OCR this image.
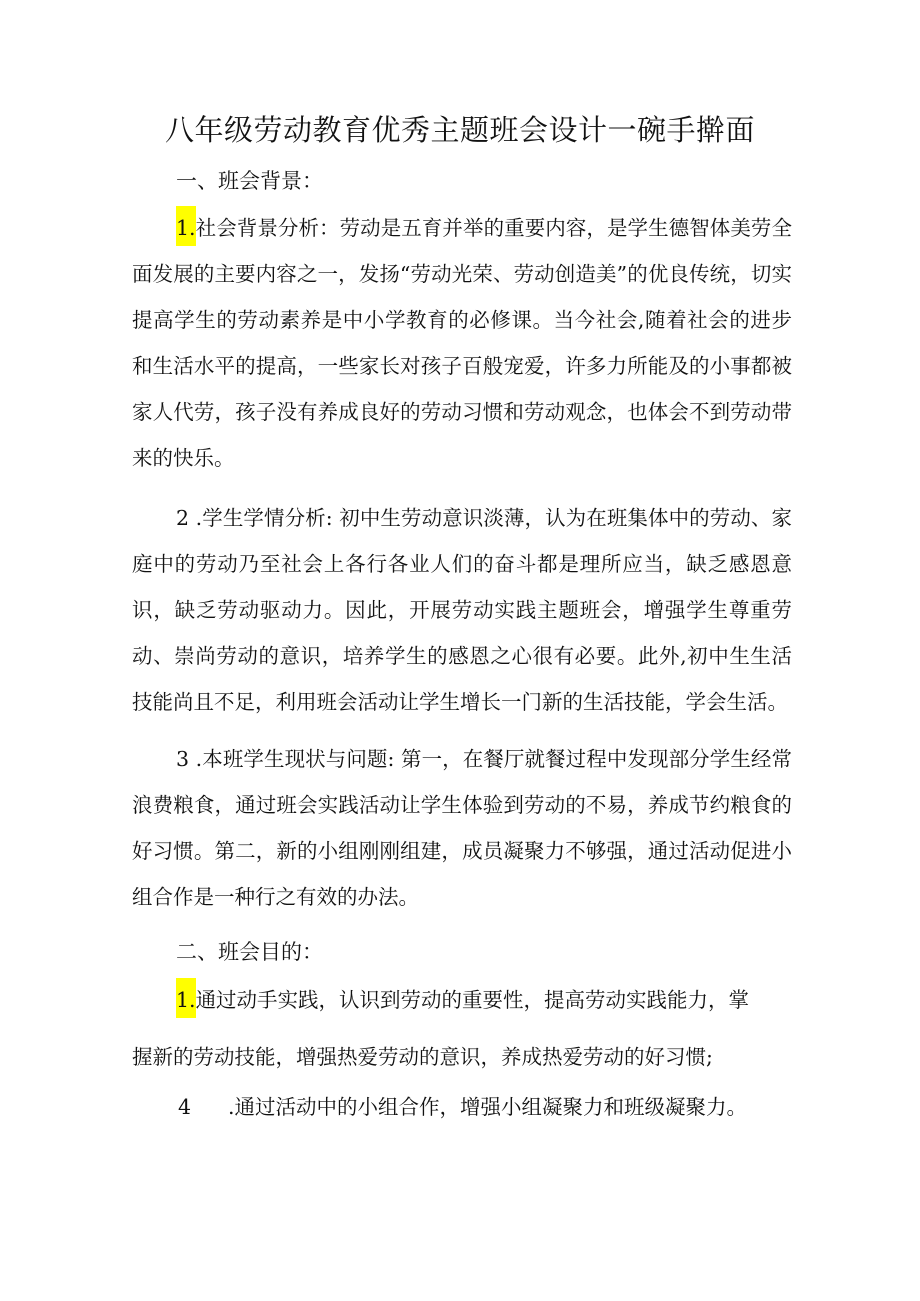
八年级劳动教育优秀主题班会设计一碗手擀面
一、班会背景：
1.社会背景分析：劳动是五育并举的重要内容，是学生德智体美劳全面发展的主要内容之一，发扬“劳动光荣、劳动创造美”的优良传统，切实提高学生的劳动素养是中小学教育的必修课。当今社会,随着社会的进步和生活水平的提高，一些家长对孩子百般宠爱，许多力所能及的小事都被家人代劳，孩子没有养成良好的劳动习惯和劳动观念，也体会不到劳动带来的快乐。
2 .学生学情分析: 初中生劳动意识淡薄，认为在班集体中的劳动、家庭中的劳动乃至社会上各行各业人们的奋斗都是理所应当，缺乏感恩意识，缺乏劳动驱动力。因此，开展劳动实践主题班会，增强学生尊重劳动、崇尚劳动的意识，培养学生的感恩之心很有必要。此外,初中生生活技能尚且不足，利用班会活动让学生增长一门新的生活技能，学会生活。
3 .本班学生现状与问题: 第一，在餐厅就餐过程中发现部分学生经常浪费粮食，通过班会实践活动让学生体验到劳动的不易，养成节约粮食的好习惯。第二，新的小组刚刚组建，成员凝聚力不够强，通过活动促进小组合作是一种行之有效的办法。
二、班会目的：
1.通过动手实践，认识到劳动的重要性，提高劳动实践能力，掌
握新的劳动技能，增强热爱劳动的意识，养成热爱劳动的好习惯;
4 .通过活动中的小组合作，增强小组凝聚力和班级凝聚力。
